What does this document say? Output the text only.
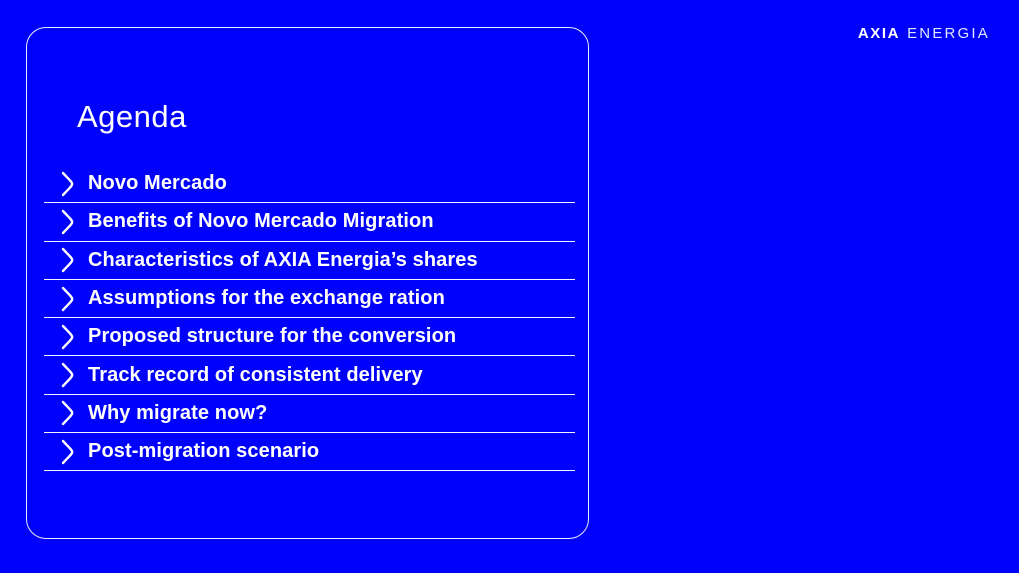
AXIA ENERGIA
Agenda
Novo Mercado
Benefits of Novo Mercado Migration
Characteristics of AXIA Energia’s shares
Assumptions for the exchange ration
Proposed structure for the conversion
Track record of consistent delivery
Why migrate now?
Post-migration scenario
